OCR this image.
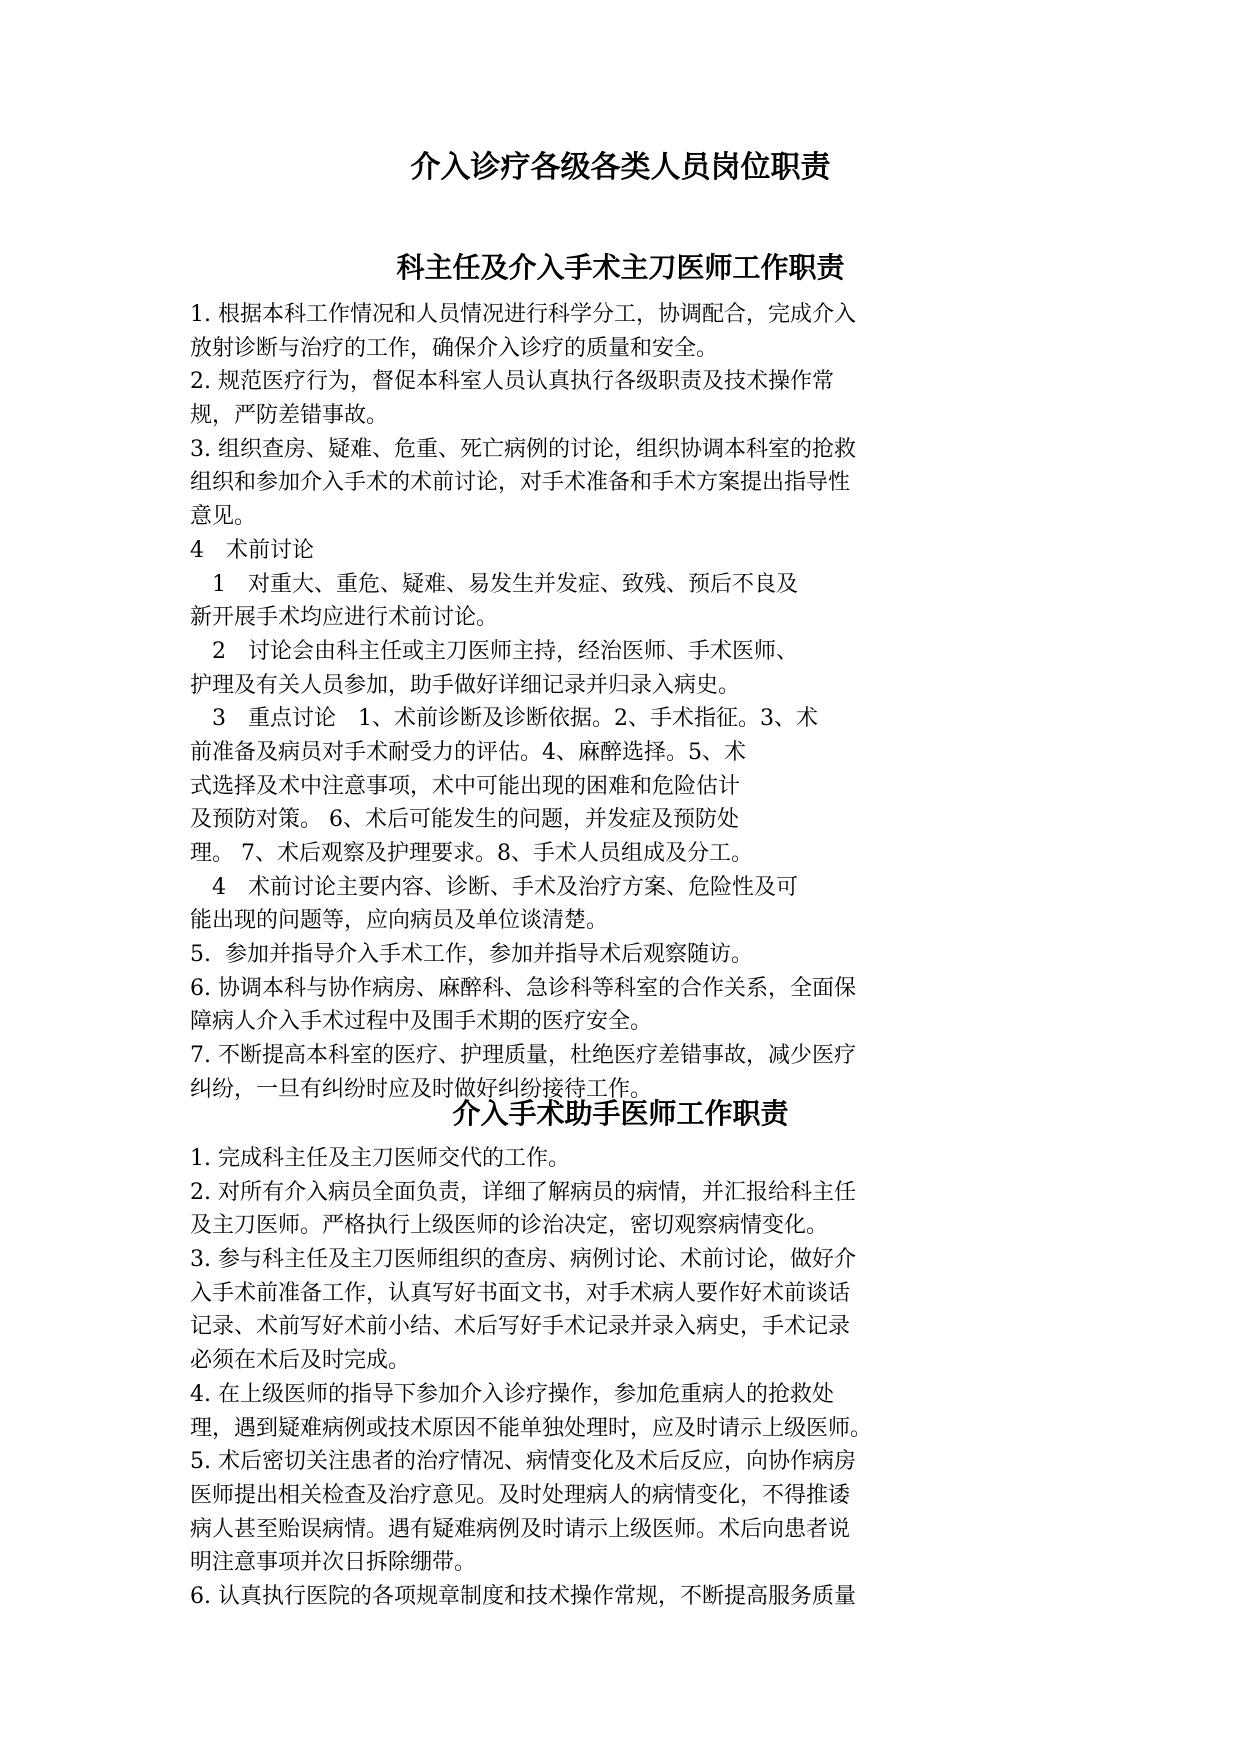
介入诊疗各级各类人员岗位职责
科主任及介入手术主刀医师工作职责
1. 根据本科工作情况和人员情况进行科学分工，协调配合，完成介入
放射诊断与治疗的工作，确保介入诊疗的质量和安全。
2. 规范医疗行为，督促本科室人员认真执行各级职责及技术操作常
规，严防差错事故。
3. 组织查房、疑难、危重、死亡病例的讨论，组织协调本科室的抢救
组织和参加介入手术的术前讨论，对手术准备和手术方案提出指导性
意见。
4　术前讨论
　1　对重大、重危、疑难、易发生并发症、致残、预后不良及
新开展手术均应进行术前讨论。
　2　讨论会由科主任或主刀医师主持，经治医师、手术医师、
护理及有关人员参加，助手做好详细记录并归录入病史。
　3　重点讨论　1、术前诊断及诊断依据。2、手术指征。3、术
前准备及病员对手术耐受力的评估。4、麻醉选择。5、术
式选择及术中注意事项，术中可能出现的困难和危险估计
及预防对策。 6、术后可能发生的问题，并发症及预防处
理。 7、术后观察及护理要求。8、手术人员组成及分工。
　4　术前讨论主要内容、诊断、手术及治疗方案、危险性及可
能出现的问题等，应向病员及单位谈清楚。
5.  参加并指导介入手术工作，参加并指导术后观察随访。
6. 协调本科与协作病房、麻醉科、急诊科等科室的合作关系，全面保
障病人介入手术过程中及围手术期的医疗安全。
7. 不断提高本科室的医疗、护理质量，杜绝医疗差错事故，减少医疗
纠纷，一旦有纠纷时应及时做好纠纷接待工作。
介入手术助手医师工作职责
1. 完成科主任及主刀医师交代的工作。
2. 对所有介入病员全面负责，详细了解病员的病情，并汇报给科主任
及主刀医师。严格执行上级医师的诊治决定，密切观察病情变化。
3. 参与科主任及主刀医师组织的查房、病例讨论、术前讨论，做好介
入手术前准备工作，认真写好书面文书，对手术病人要作好术前谈话
记录、术前写好术前小结、术后写好手术记录并录入病史，手术记录
必须在术后及时完成。
4. 在上级医师的指导下参加介入诊疗操作，参加危重病人的抢救处
理，遇到疑难病例或技术原因不能单独处理时，应及时请示上级医师。
5. 术后密切关注患者的治疗情况、病情变化及术后反应，向协作病房
医师提出相关检查及治疗意见。及时处理病人的病情变化，不得推诿
病人甚至贻误病情。遇有疑难病例及时请示上级医师。术后向患者说
明注意事项并次日拆除绷带。
6. 认真执行医院的各项规章制度和技术操作常规，不断提高服务质量
